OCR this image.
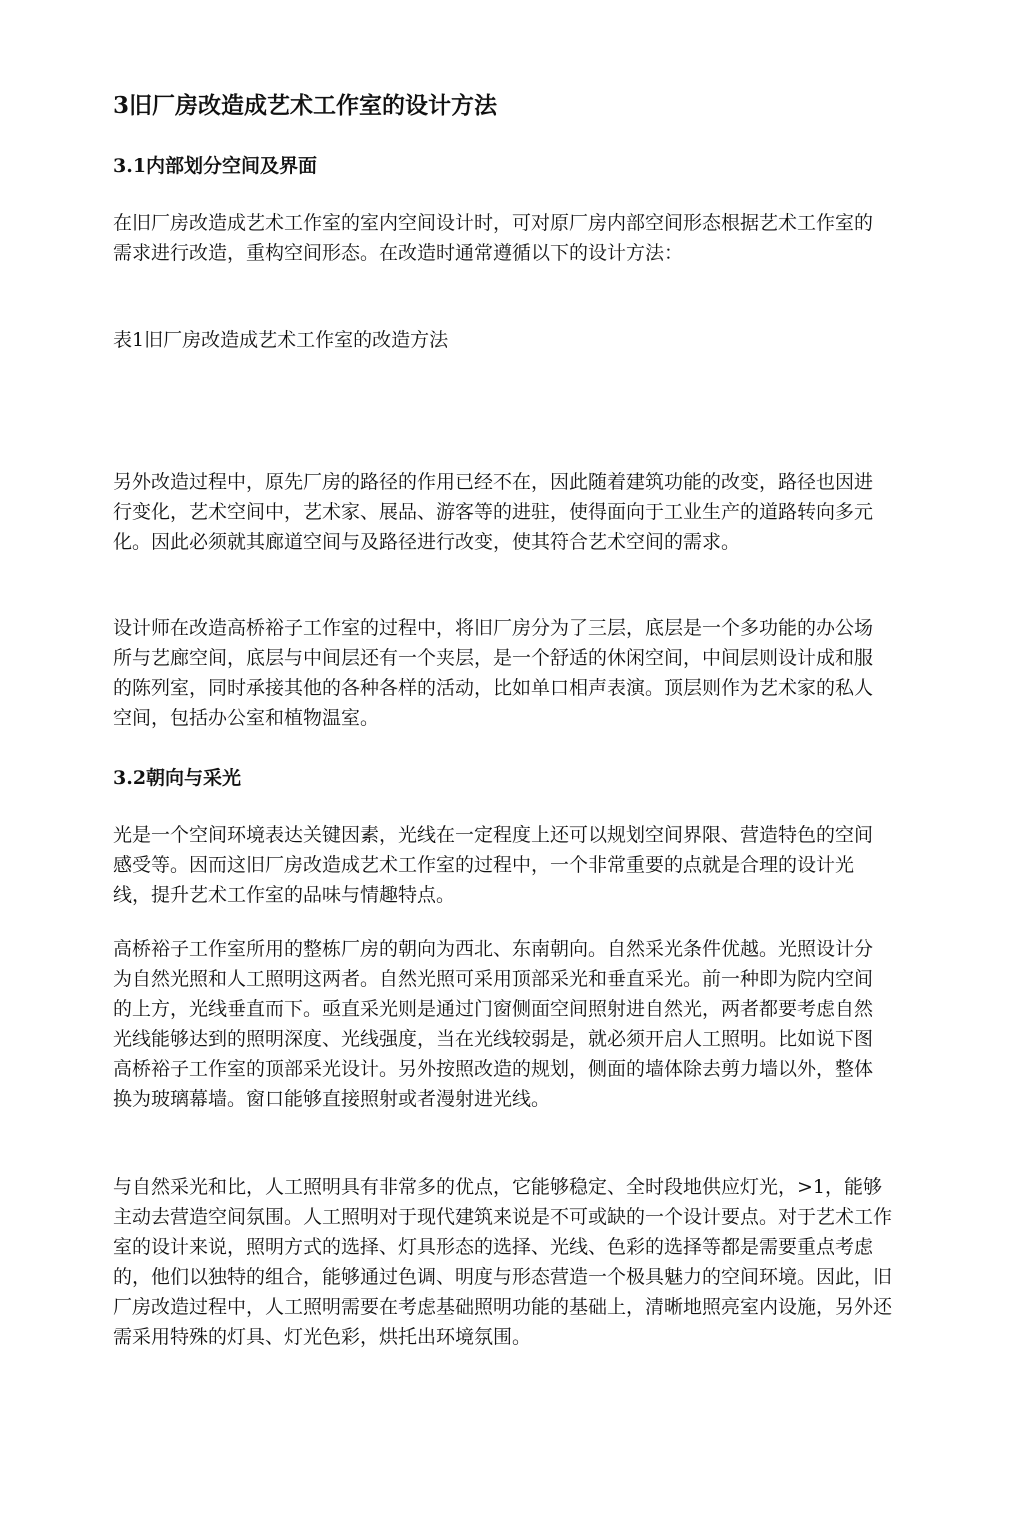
3旧厂房改造成艺术工作室的设计方法
3.1内部划分空间及界面

在旧厂房改造成艺术工作室的室内空间设计时，可对原厂房内部空间形态根据艺术工作室的需求进行改造，重构空间形态。在改造时通常遵循以下的设计方法：

表1旧厂房改造成艺术工作室的改造方法

另外改造过程中，原先厂房的路径的作用已经不在，因此随着建筑功能的改变，路径也因进行变化，艺术空间中，艺术家、展品、游客等的进驻，使得面向于工业生产的道路转向多元化。因此必须就其廊道空间与及路径进行改变，使其符合艺术空间的需求。

设计师在改造高桥裕子工作室的过程中，将旧厂房分为了三层，底层是一个多功能的办公场所与艺廊空间，底层与中间层还有一个夹层，是一个舒适的休闲空间，中间层则设计成和服的陈列室，同时承接其他的各种各样的活动，比如单口相声表演。顶层则作为艺术家的私人空间，包括办公室和植物温室。

3.2朝向与采光

光是一个空间环境表达关键因素，光线在一定程度上还可以规划空间界限、营造特色的空间感受等。因而这旧厂房改造成艺术工作室的过程中，一个非常重要的点就是合理的设计光线，提升艺术工作室的品味与情趣特点。

高桥裕子工作室所用的整栋厂房的朝向为西北、东南朝向。自然采光条件优越。光照设计分为自然光照和人工照明这两者。自然光照可采用顶部采光和垂直采光。前一种即为院内空间的上方，光线垂直而下。亟直采光则是通过门窗侧面空间照射进自然光，两者都要考虑自然光线能够达到的照明深度、光线强度，当在光线较弱是，就必须开启人工照明。比如说下图高桥裕子工作室的顶部采光设计。另外按照改造的规划，侧面的墙体除去剪力墙以外，整体换为玻璃幕墙。窗口能够直接照射或者漫射进光线。

与自然采光和比，人工照明具有非常多的优点，它能够稳定、全时段地供应灯光，>1，能够主动去营造空间氛围。人工照明对于现代建筑来说是不可或缺的一个设计要点。对于艺术工作室的设计来说，照明方式的选择、灯具形态的选择、光线、色彩的选择等都是需要重点考虑的，他们以独特的组合，能够通过色调、明度与形态营造一个极具魅力的空间环境。因此，旧厂房改造过程中，人工照明需要在考虑基础照明功能的基础上，清晰地照亮室内设施，另外还需采用特殊的灯具、灯光色彩，烘托出环境氛围。
